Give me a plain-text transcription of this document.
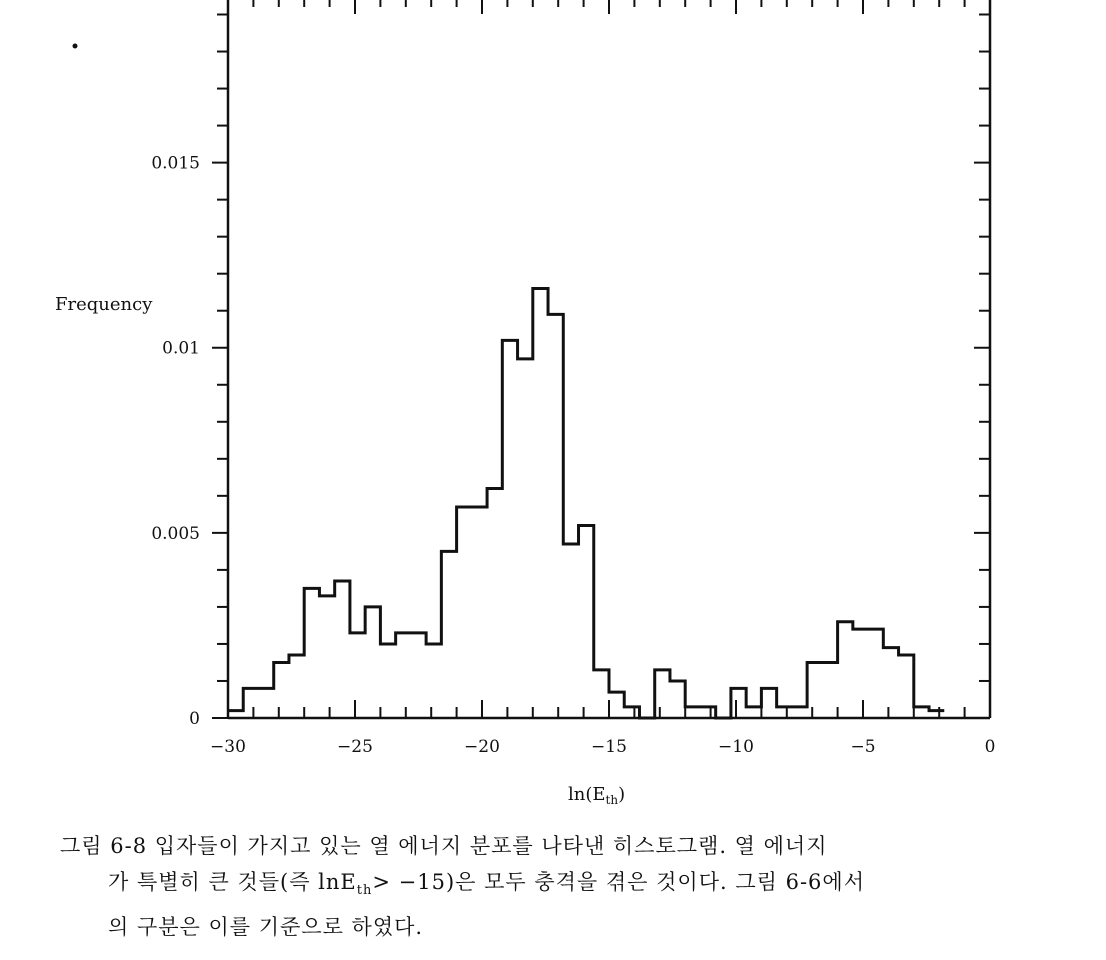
−30	−25	−20	−15	−10	−5	0
0
0.005
0.01
0.015
Frequency
$\ln(E_{th})$
그림 6-8 입자들이 가지고 있는 열 에너지 분포를 나타낸 히스토그램. 열 에너지
가 특별히 큰 것들(즉 lnE$_{th}$> −15)은 모두 충격을 겪은 것이다. 그림 6-6에서
의 구분은 이를 기준으로 하였다.
